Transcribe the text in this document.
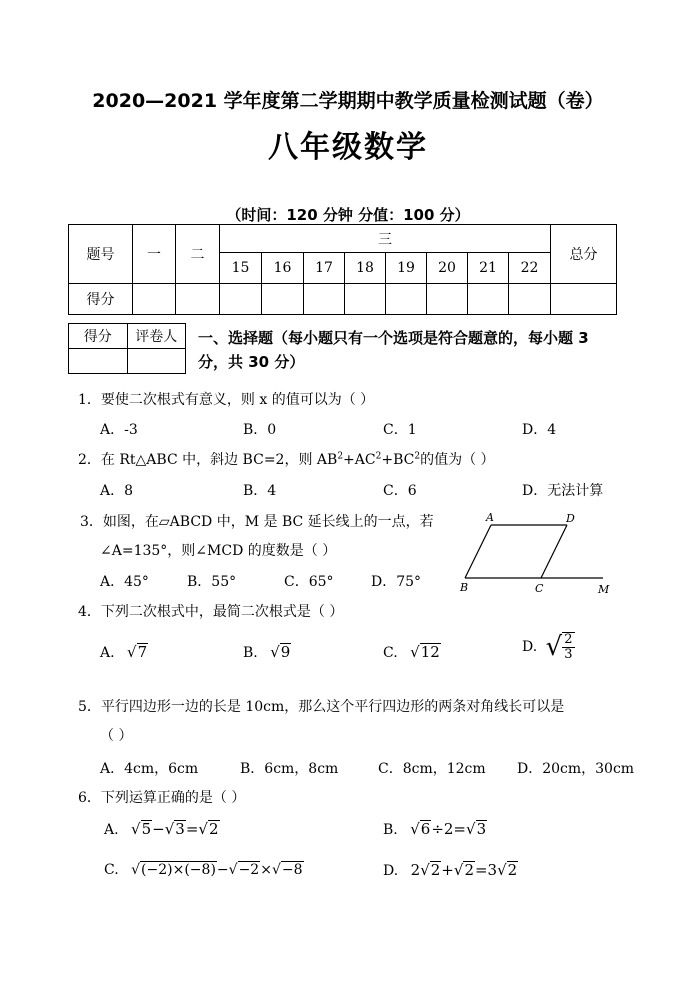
2020—2021 学年度第二学期期中教学质量检测试题（卷）
八年级数学
（时间：120 分钟 分值：100 分）
题号	一	二	三								总分
			15	16	17	18	19	20	21	22	
得分											
得分	评卷人
	一、选择题（每小题只有一个选项是符合题意的，每小题 3
分，共 30 分）
1．要使二次根式有意义，则 x 的值可以为（ ）
A．-3	B．0	C．1	D．4
2．在 Rt△ABC 中，斜边 BC=2，则 $AB^2+AC^2+BC^2$的值为（ ）
A．8	B．4	C．6	D．无法计算
3．如图，在▱ABCD 中，M 是 BC 延长线上的一点，若
∠A=135°，则∠MCD 的度数是（ ）
A．45°	B．55°	C．65°	D．75°
A	D
B	C	M
4．下列二次根式中，最简二次根式是（ ）
A. √7	B. √9	C. √12	D. √ $\frac{2}{3}$
5．平行四边形一边的长是 10cm，那么这个平行四边形的两条对角线长可以是
（ ）
A．4cm，6cm	B．6cm，8cm	C．8cm，12cm D．20cm，30cm
6．下列运算正确的是（ ）
A. √5−√3=√2	B. √6÷2=√3
C. √(−2)×(−8)−√−2×√−8	D. 2√2+√2=3√2
